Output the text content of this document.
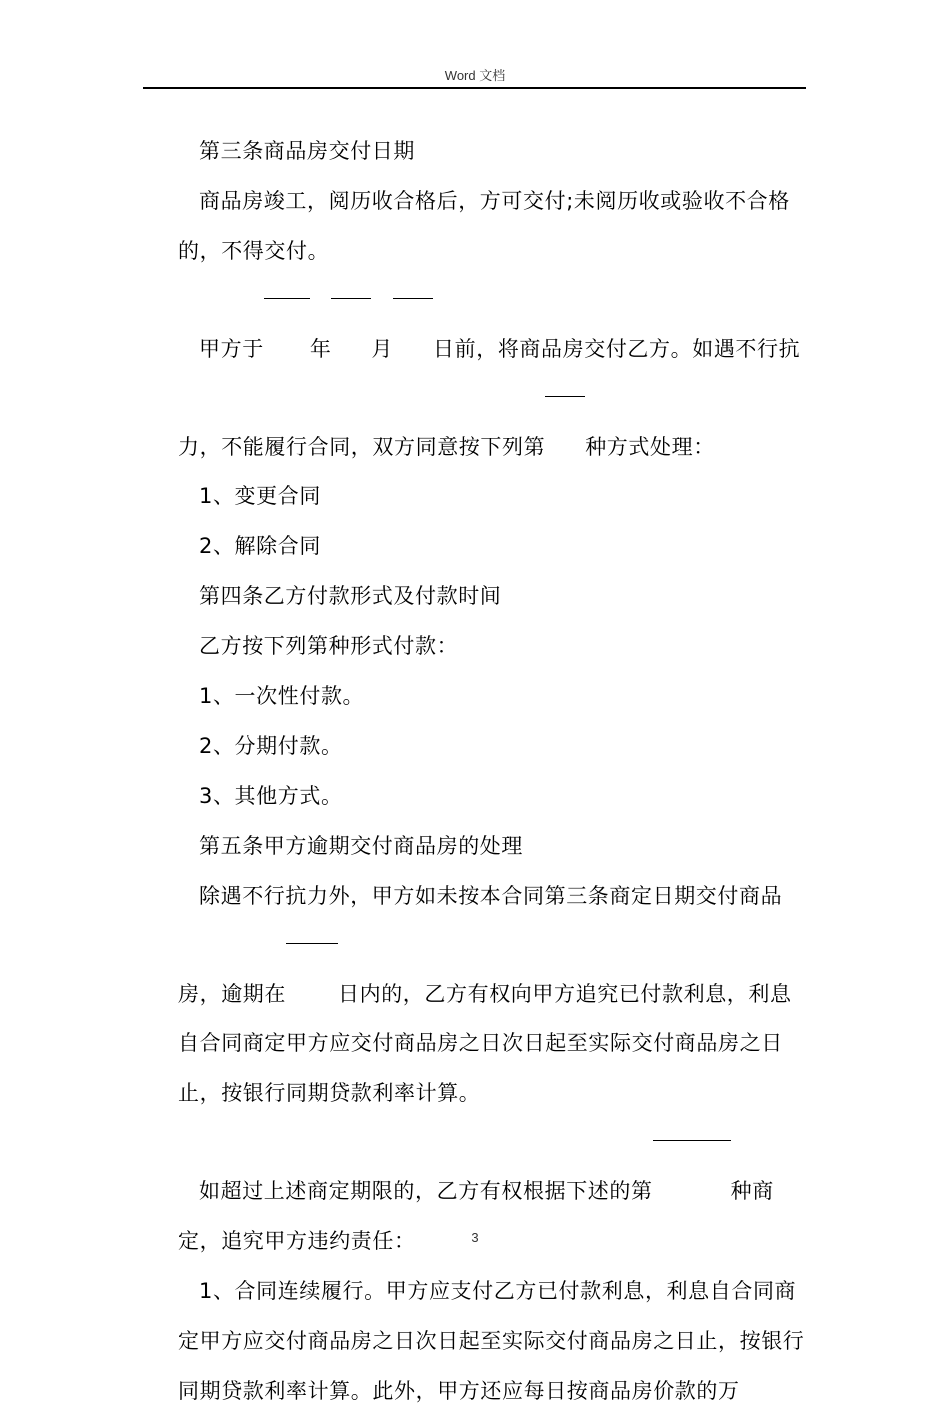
Word 文档

第三条商品房交付日期

商品房竣工，阅历收合格后，方可交付;未阅历收或验收不合格的，不得交付。

甲方于 年 月 日前，将商品房交付乙方。如遇不行抗力，不能履行合同，双方同意按下列第 种方式处理：

1、变更合同

2、解除合同

第四条乙方付款形式及付款时间

乙方按下列第种形式付款：

1、一次性付款。

2、分期付款。

3、其他方式。

第五条甲方逾期交付商品房的处理

除遇不行抗力外，甲方如未按本合同第三条商定日期交付商品房，逾期在 日内的，乙方有权向甲方追究已付款利息，利息自合同商定甲方应交付商品房之日次日起至实际交付商品房之日止，按银行同期贷款利率计算。

如超过上述商定期限的，乙方有权根据下述的第	种商定，追究甲方违约责任：

1、合同连续履行。甲方应支付乙方已付款利息，利息自合同商定甲方应交付商品房之日次日起至实际交付商品房之日止，按银行同期贷款利率计算。此外，甲方还应每日按商品房价款的万

3
